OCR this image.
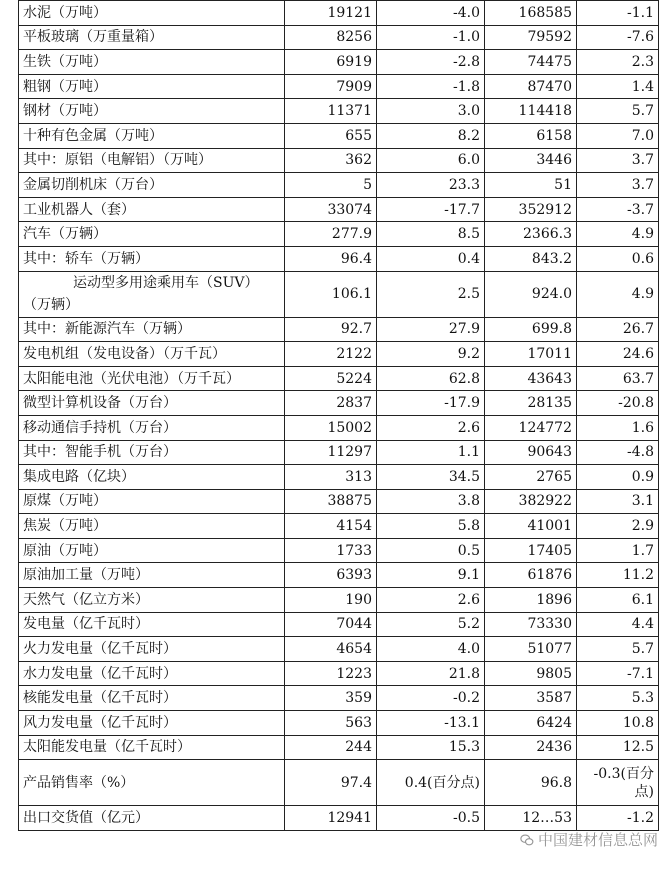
水泥（万吨）	19121	-4.0	168585	-1.1
平板玻璃（万重量箱）	8256	-1.0	79592	-7.6
生铁（万吨）	6919	-2.8	74475	2.3
粗钢（万吨）	7909	-1.8	87470	1.4
钢材（万吨）	11371	3.0	114418	5.7
十种有色金属（万吨）	655	8.2	6158	7.0
其中：原铝（电解铝）（万吨）	362	6.0	3446	3.7
金属切削机床（万台）	5	23.3	51	3.7
工业机器人（套）	33074	-17.7	352912	-3.7
汽车（万辆）	277.9	8.5	2366.3	4.9
其中：轿车（万辆）	96.4	0.4	843.2	0.6

运动型多用途乘用车（SUV）
（万辆）	106.1	2.5	924.0	4.9
其中：新能源汽车（万辆）	92.7	27.9	699.8	26.7
发电机组（发电设备）（万千瓦）	2122	9.2	17011	24.6
太阳能电池（光伏电池）（万千瓦）	5224	62.8	43643	63.7
微型计算机设备（万台）	2837	-17.9	28135	-20.8
移动通信手持机（万台）	15002	2.6	124772	1.6
其中：智能手机（万台）	11297	1.1	90643	-4.8
集成电路（亿块）	313	34.5	2765	0.9
原煤（万吨）	38875	3.8	382922	3.1
焦炭（万吨）	4154	5.8	41001	2.9
原油（万吨）	1733	0.5	17405	1.7
原油加工量（万吨）	6393	9.1	61876	11.2
天然气（亿立方米）	190	2.6	1896	6.1
发电量（亿千瓦时）	7044	5.2	73330	4.4
火力发电量（亿千瓦时）	4654	4.0	51077	5.7
水力发电量（亿千瓦时）	1223	21.8	9805	-7.1
核能发电量（亿千瓦时）	359	-0.2	3587	5.3
风力发电量（亿千瓦时）	563	-13.1	6424	10.8
太阳能发电量（亿千瓦时）	244	15.3	2436	12.5
产品销售率（%）	97.4	0.4(百分点)	96.8	-0.3(百分
点)

出口交货值（亿元）	12941	-0.5	12…53	-1.2
中国建材信息总网
